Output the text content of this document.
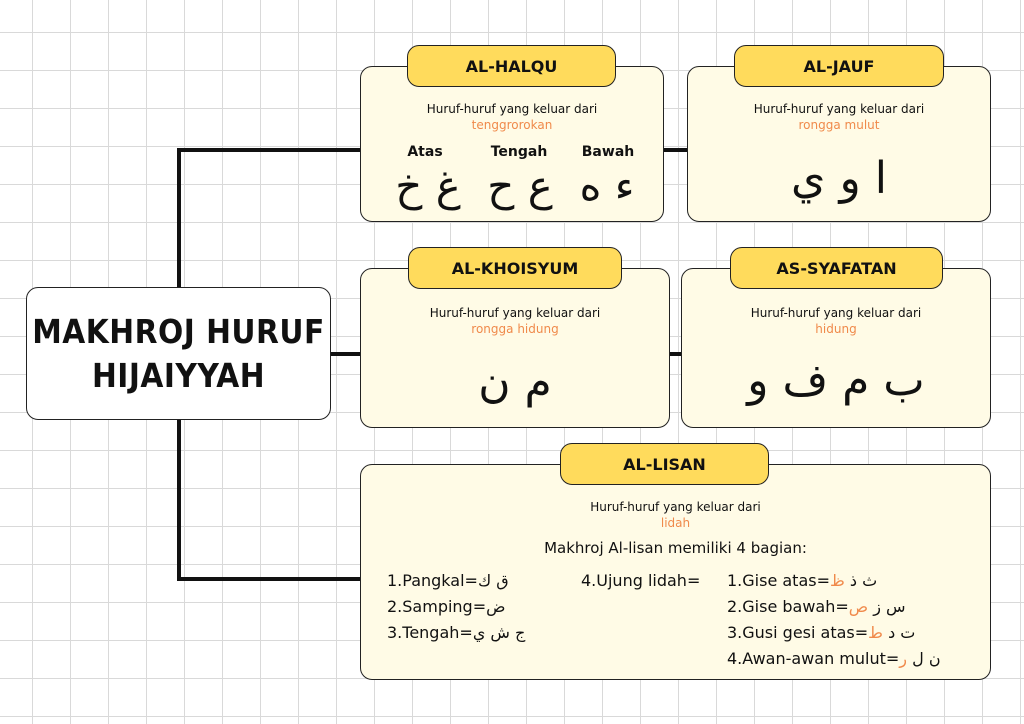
MAKHROJ HURUF
HIJAIYYAH
Huruf-huruf yang keluar dari
tenggrorokan
Atas	Tengah	Bawah
غ خ ع ح ء ه
AL-HALQU
Huruf-huruf yang keluar dari
rongga mulut
ا و ي
AL-JAUF
Huruf-huruf yang keluar dari
rongga hidung
م ن
AL-KHOISYUM
Huruf-huruf yang keluar dari
hidung
ب م ف و
AS-SYAFATAN
Huruf-huruf yang keluar dari
lidah
Makhroj Al-lisan memiliki 4 bagian:
1.Pangkal=ق ك
2.Samping=ض
3.Tengah=ج ش ي
4.Ujung lidah= 1.Gise atas= ث ذ ظ
2.Gise bawah= س ز ص
3.Gusi gesi atas= ت د ط
4.Awan-awan mulut= ن ل ر
AL-LISAN
